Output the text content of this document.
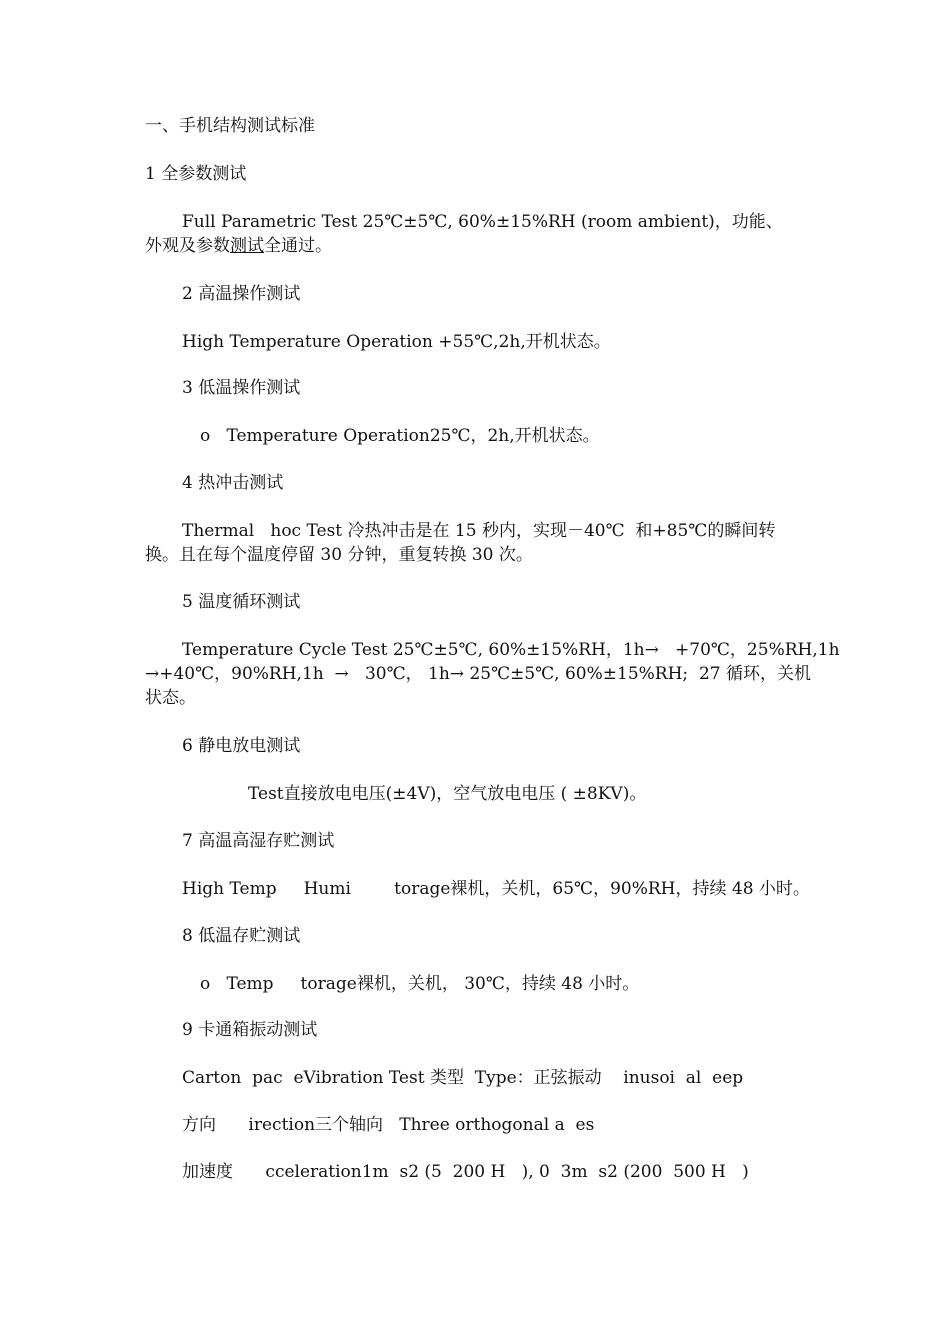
一、手机结构测试标准
1 全参数测试
Full Parametric Test 25℃±5℃, 60%±15%RH (room ambient)，功能、
外观及参数测试全通过。
2 高温操作测试
High Temperature Operation +55℃,2h,开机状态。
3 低温操作测试
o   Temperature Operation25℃，2h,开机状态。
4 热冲击测试
Thermal   hoc Test 冷热冲击是在 15 秒内，实现－40℃  和+85℃的瞬间转
换。且在每个温度停留 30 分钟，重复转换 30 次。
5 温度循环测试
Temperature Cycle Test 25℃±5℃, 60%±15%RH，1h→   +70℃，25%RH,1h
→+40℃，90%RH,1h  →   30℃， 1h→ 25℃±5℃, 60%±15%RH;  27 循环，关机
状态。
6 静电放电测试
Test直接放电电压(±4V)，空气放电电压 ( ±8KV)。
7 高温高湿存贮测试
High Temp     Humi        torage裸机，关机，65℃，90%RH，持续 48 小时。
8 低温存贮测试
o   Temp     torage裸机，关机， 30℃，持续 48 小时。
9 卡通箱振动测试
Carton  pac  eVibration Test 类型  Type：正弦振动    inusoi  al  eep
方向      irection三个轴向   Three orthogonal a  es
加速度      cceleration1m  s2 (5  200 H   ), 0  3m  s2 (200  500 H   )
